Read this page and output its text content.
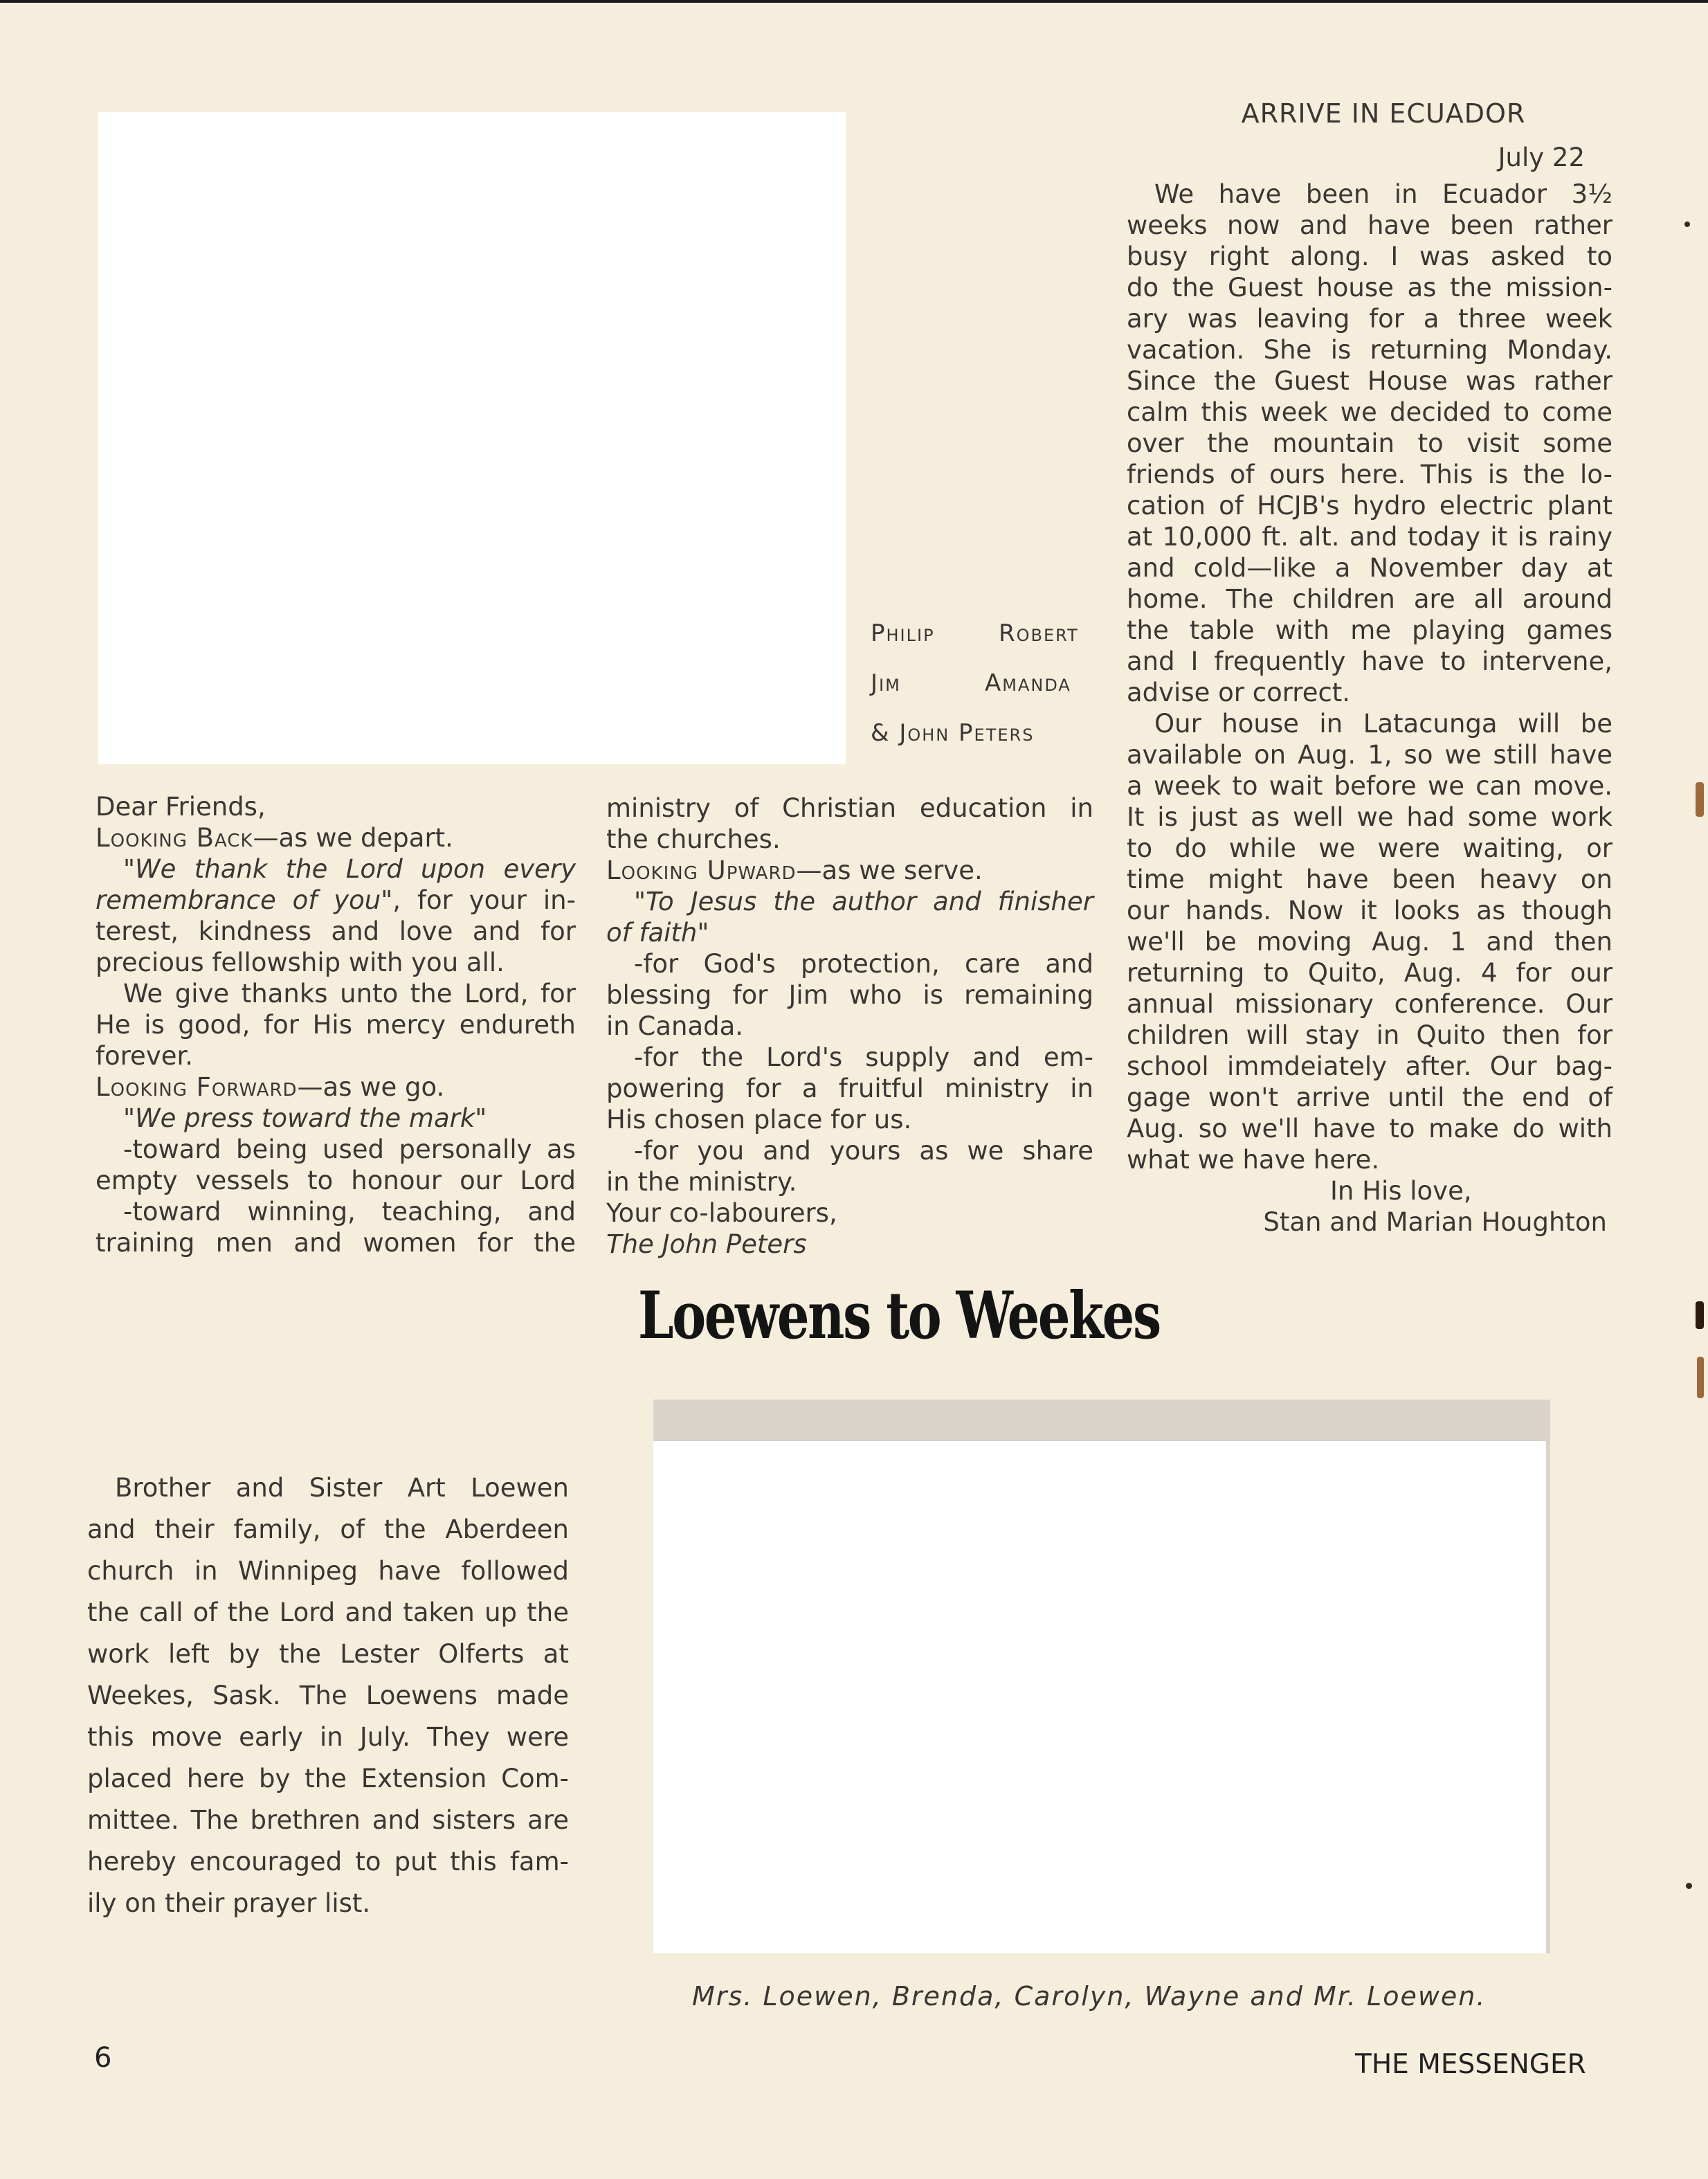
Philip	Robert
Jim	Amanda
& John Peters
ARRIVE IN ECUADOR
July 22

We have been in Ecuador 3½

weeks now and have been rather

busy right along. I was asked to

do the Guest house as the mission-

ary was leaving for a three week

vacation. She is returning Monday.

Since the Guest House was rather

calm this week we decided to come

over the mountain to visit some

friends of ours here. This is the lo-

cation of HCJB's hydro electric plant

at 10,000 ft. alt. and today it is rainy

and cold—like a November day at

home. The children are all around

the table with me playing games

and I frequently have to intervene,

advise or correct.

Our house in Latacunga will be

available on Aug. 1, so we still have

a week to wait before we can move.

It is just as well we had some work

to do while we were waiting, or

time might have been heavy on

our hands. Now it looks as though

we'll be moving Aug. 1 and then

returning to Quito, Aug. 4 for our

annual missionary conference. Our

children will stay in Quito then for

school immdeiately after. Our bag-

gage won't arrive until the end of

Aug. so we'll have to make do with

what we have here.

In His love,
Stan and Marian Houghton

Dear Friends,

Looking Back—as we depart.

"We thank the Lord upon every

remembrance of you", for your in-

terest, kindness and love and for

precious fellowship with you all.

We give thanks unto the Lord, for

He is good, for His mercy endureth

forever.

Looking Forward—as we go.

"We press toward the mark"

-toward being used personally as

empty vessels to honour our Lord

-toward winning, teaching, and

training men and women for the

ministry of Christian education in

the churches.

Looking Upward—as we serve.

"To Jesus the author and finisher

of faith"

-for God's protection, care and

blessing for Jim who is remaining

in Canada.

-for the Lord's supply and em-

powering for a fruitful ministry in

His chosen place for us.

-for you and yours as we share

in the ministry.

Your co-labourers,

The John Peters

Loewens to Weekes

Brother and Sister Art Loewen

and their family, of the Aberdeen

church in Winnipeg have followed

the call of the Lord and taken up the

work left by the Lester Olferts at

Weekes, Sask. The Loewens made

this move early in July. They were

placed here by the Extension Com-

mittee. The brethren and sisters are

hereby encouraged to put this fam-

ily on their prayer list.

Mrs. Loewen, Brenda, Carolyn, Wayne and Mr. Loewen.
6	THE MESSENGER
